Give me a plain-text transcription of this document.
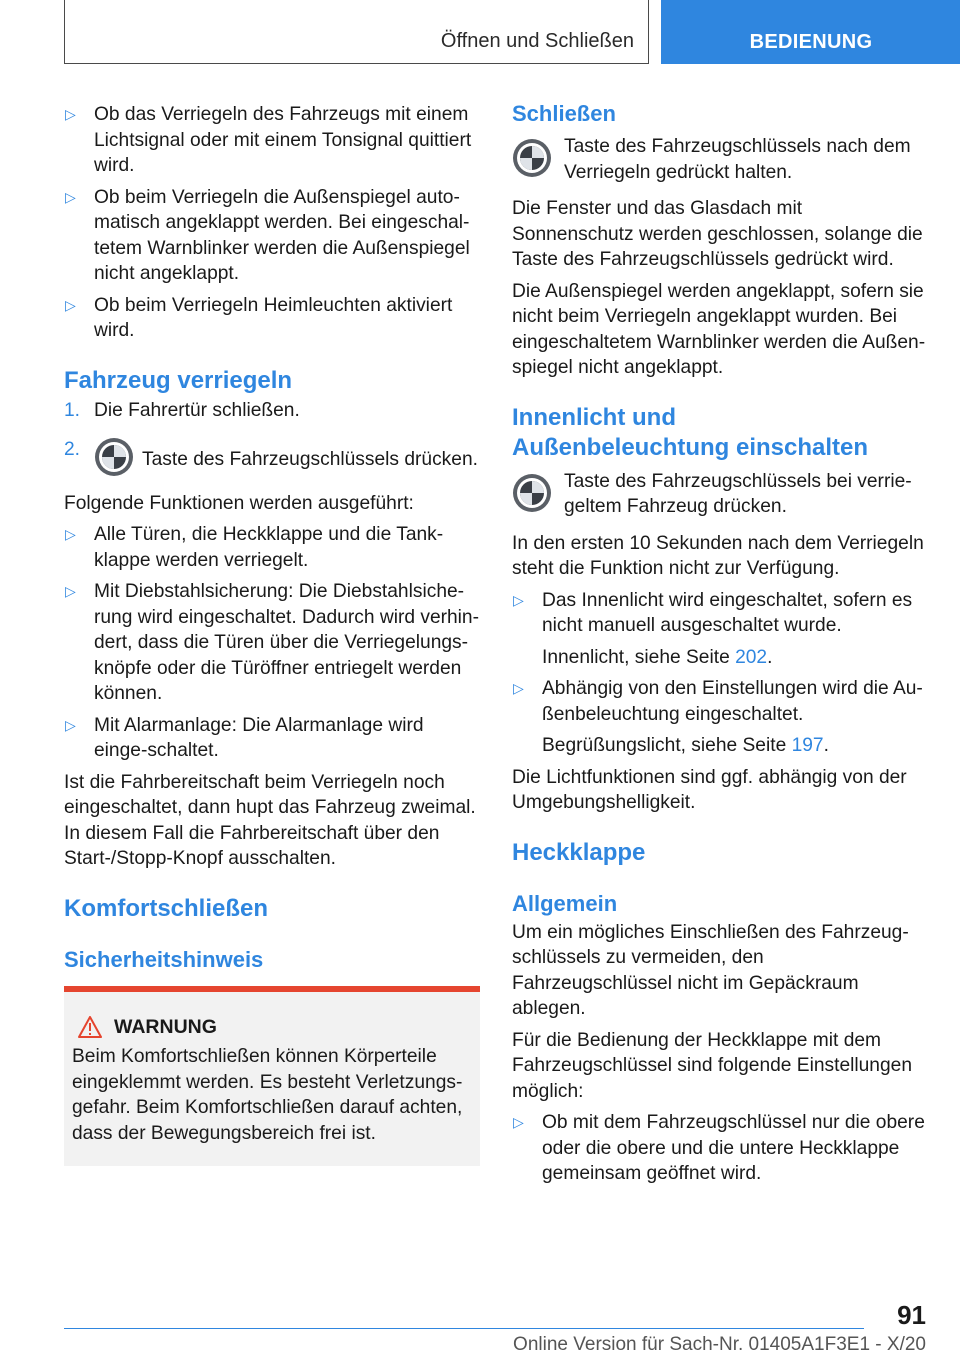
Öffnen und Schließen	BEDIENUNG
▷ Ob das Verriegeln des Fahrzeugs mit einem Lichtsignal oder mit einem Tonsignal quittiert wird.
▷ Ob beim Verriegeln die Außenspiegel auto-matisch angeklappt werden. Bei eingeschal-tetem Warnblinker werden die Außenspiegel nicht angeklappt.
▷ Ob beim Verriegeln Heimleuchten aktiviert wird.
Fahrzeug verriegeln
1. Die Fahrertür schließen.
2.	Taste des Fahrzeugschlüssels drücken.

Folgende Funktionen werden ausgeführt:

▷ Alle Türen, die Heckklappe und die Tank-klappe werden verriegelt.
▷ Mit Diebstahlsicherung: Die Diebstahlsiche-rung wird eingeschaltet. Dadurch wird verhin-dert, dass die Türen über die Verriegelungs-knöpfe oder die Türöffner entriegelt werden können.
▷ Mit Alarmanlage: Die Alarmanlage wird einge-schaltet.

Ist die Fahrbereitschaft beim Verriegeln noch eingeschaltet, dann hupt das Fahrzeug zweimal. In diesem Fall die Fahrbereitschaft über den Start-/Stopp-Knopf ausschalten.

Komfortschließen
Sicherheitshinweis
WARNUNG
Beim Komfortschließen können Körperteile eingeklemmt werden. Es besteht Verletzungs-gefahr. Beim Komfortschließen darauf achten, dass der Bewegungsbereich frei ist.
Schließen
Taste des Fahrzeugschlüssels nach dem Verriegeln gedrückt halten.

Die Fenster und das Glasdach mit Sonnenschutz werden geschlossen, solange die Taste des Fahrzeugschlüssels gedrückt wird.

Die Außenspiegel werden angeklappt, sofern sie nicht beim Verriegeln angeklappt wurden. Bei eingeschaltetem Warnblinker werden die Außen-spiegel nicht angeklappt.

Innenlicht und
Außenbeleuchtung einschalten
Taste des Fahrzeugschlüssels bei verrie-geltem Fahrzeug drücken.

In den ersten 10 Sekunden nach dem Verriegeln steht die Funktion nicht zur Verfügung.

▷ Das Innenlicht wird eingeschaltet, sofern es nicht manuell ausgeschaltet wurde.
Innenlicht, siehe Seite 202.
▷ Abhängig von den Einstellungen wird die Au-ßenbeleuchtung eingeschaltet.
Begrüßungslicht, siehe Seite 197.

Die Lichtfunktionen sind ggf. abhängig von der Umgebungshelligkeit.

Heckklappe
Allgemein

Um ein mögliches Einschließen des Fahrzeug-schlüssels zu vermeiden, den Fahrzeugschlüssel nicht im Gepäckraum ablegen.

Für die Bedienung der Heckklappe mit dem Fahrzeugschlüssel sind folgende Einstellungen möglich:

▷ Ob mit dem Fahrzeugschlüssel nur die obere oder die obere und die untere Heckklappe gemeinsam geöffnet wird.
91
Online Version für Sach-Nr. 01405A1F3E1 - X/20
